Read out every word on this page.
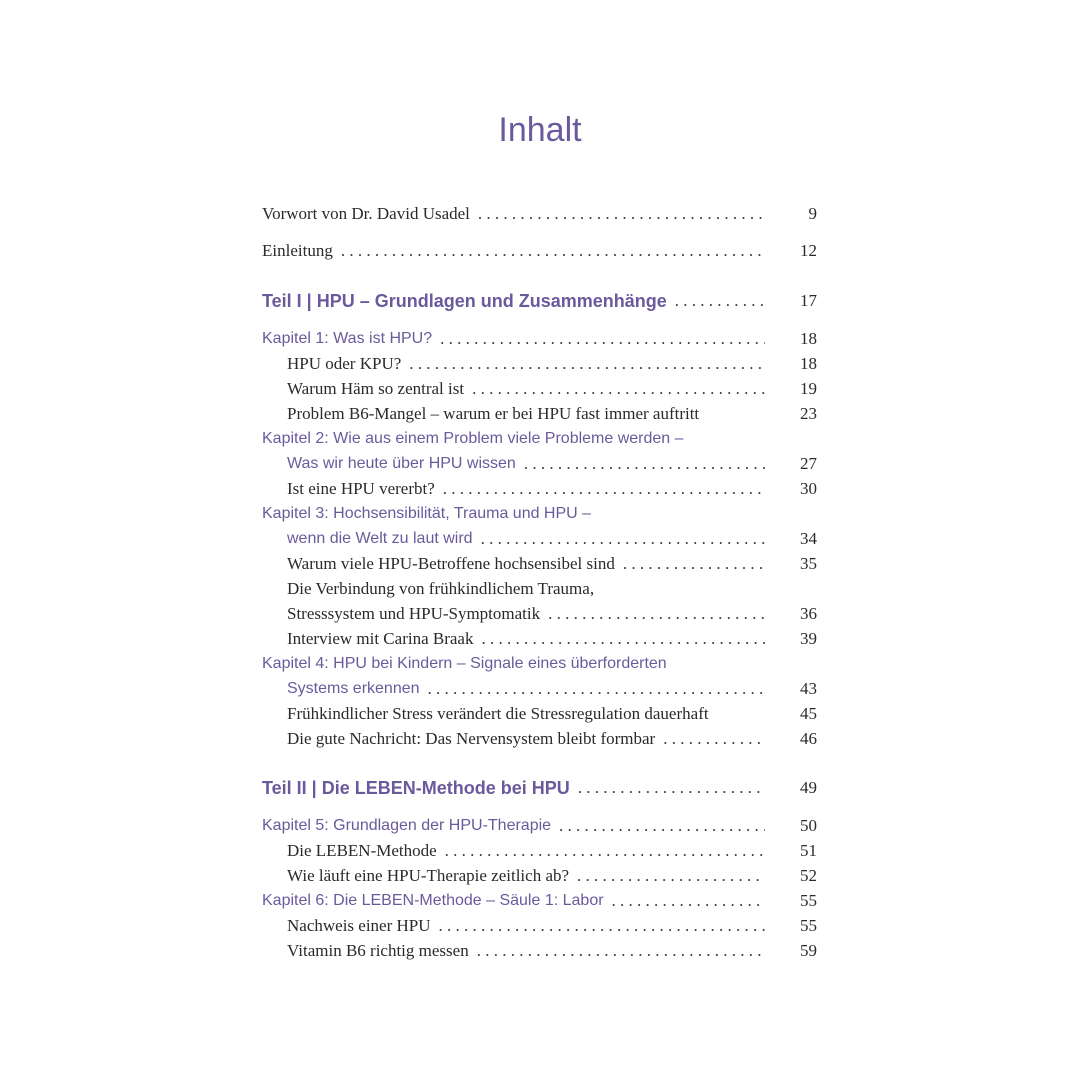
Inhalt
Vorwort von Dr. David Usadel . . .	9
Einleitung . . .	12
Teil I | HPU – Grundlagen und Zusammenhänge . . .	17
Kapitel 1: Was ist HPU? . . .	18
HPU oder KPU? . . .	18
Warum Häm so zentral ist . . .	19
Problem B6-Mangel – warum er bei HPU fast immer auftritt	23
Kapitel 2: Wie aus einem Problem viele Probleme werden –
Was wir heute über HPU wissen . . .	27
Ist eine HPU vererbt? . . .	30
Kapitel 3: Hochsensibilität, Trauma und HPU –
wenn die Welt zu laut wird . . .	34
Warum viele HPU-Betroffene hochsensibel sind . . .	35
Die Verbindung von frühkindlichem Trauma,
Stresssystem und HPU-Symptomatik . . .	36
Interview mit Carina Braak . . .	39
Kapitel 4: HPU bei Kindern – Signale eines überforderten
Systems erkennen . . .	43
Frühkindlicher Stress verändert die Stressregulation dauerhaft	45
Die gute Nachricht: Das Nervensystem bleibt formbar . . .	46
Teil II | Die LEBEN-Methode bei HPU . . .	49
Kapitel 5: Grundlagen der HPU-Therapie . . .	50
Die LEBEN-Methode . . .	51
Wie läuft eine HPU-Therapie zeitlich ab? . . .	52
Kapitel 6: Die LEBEN-Methode – Säule 1: Labor . . .	55
Nachweis einer HPU . . .	55
Vitamin B6 richtig messen . . .	59
